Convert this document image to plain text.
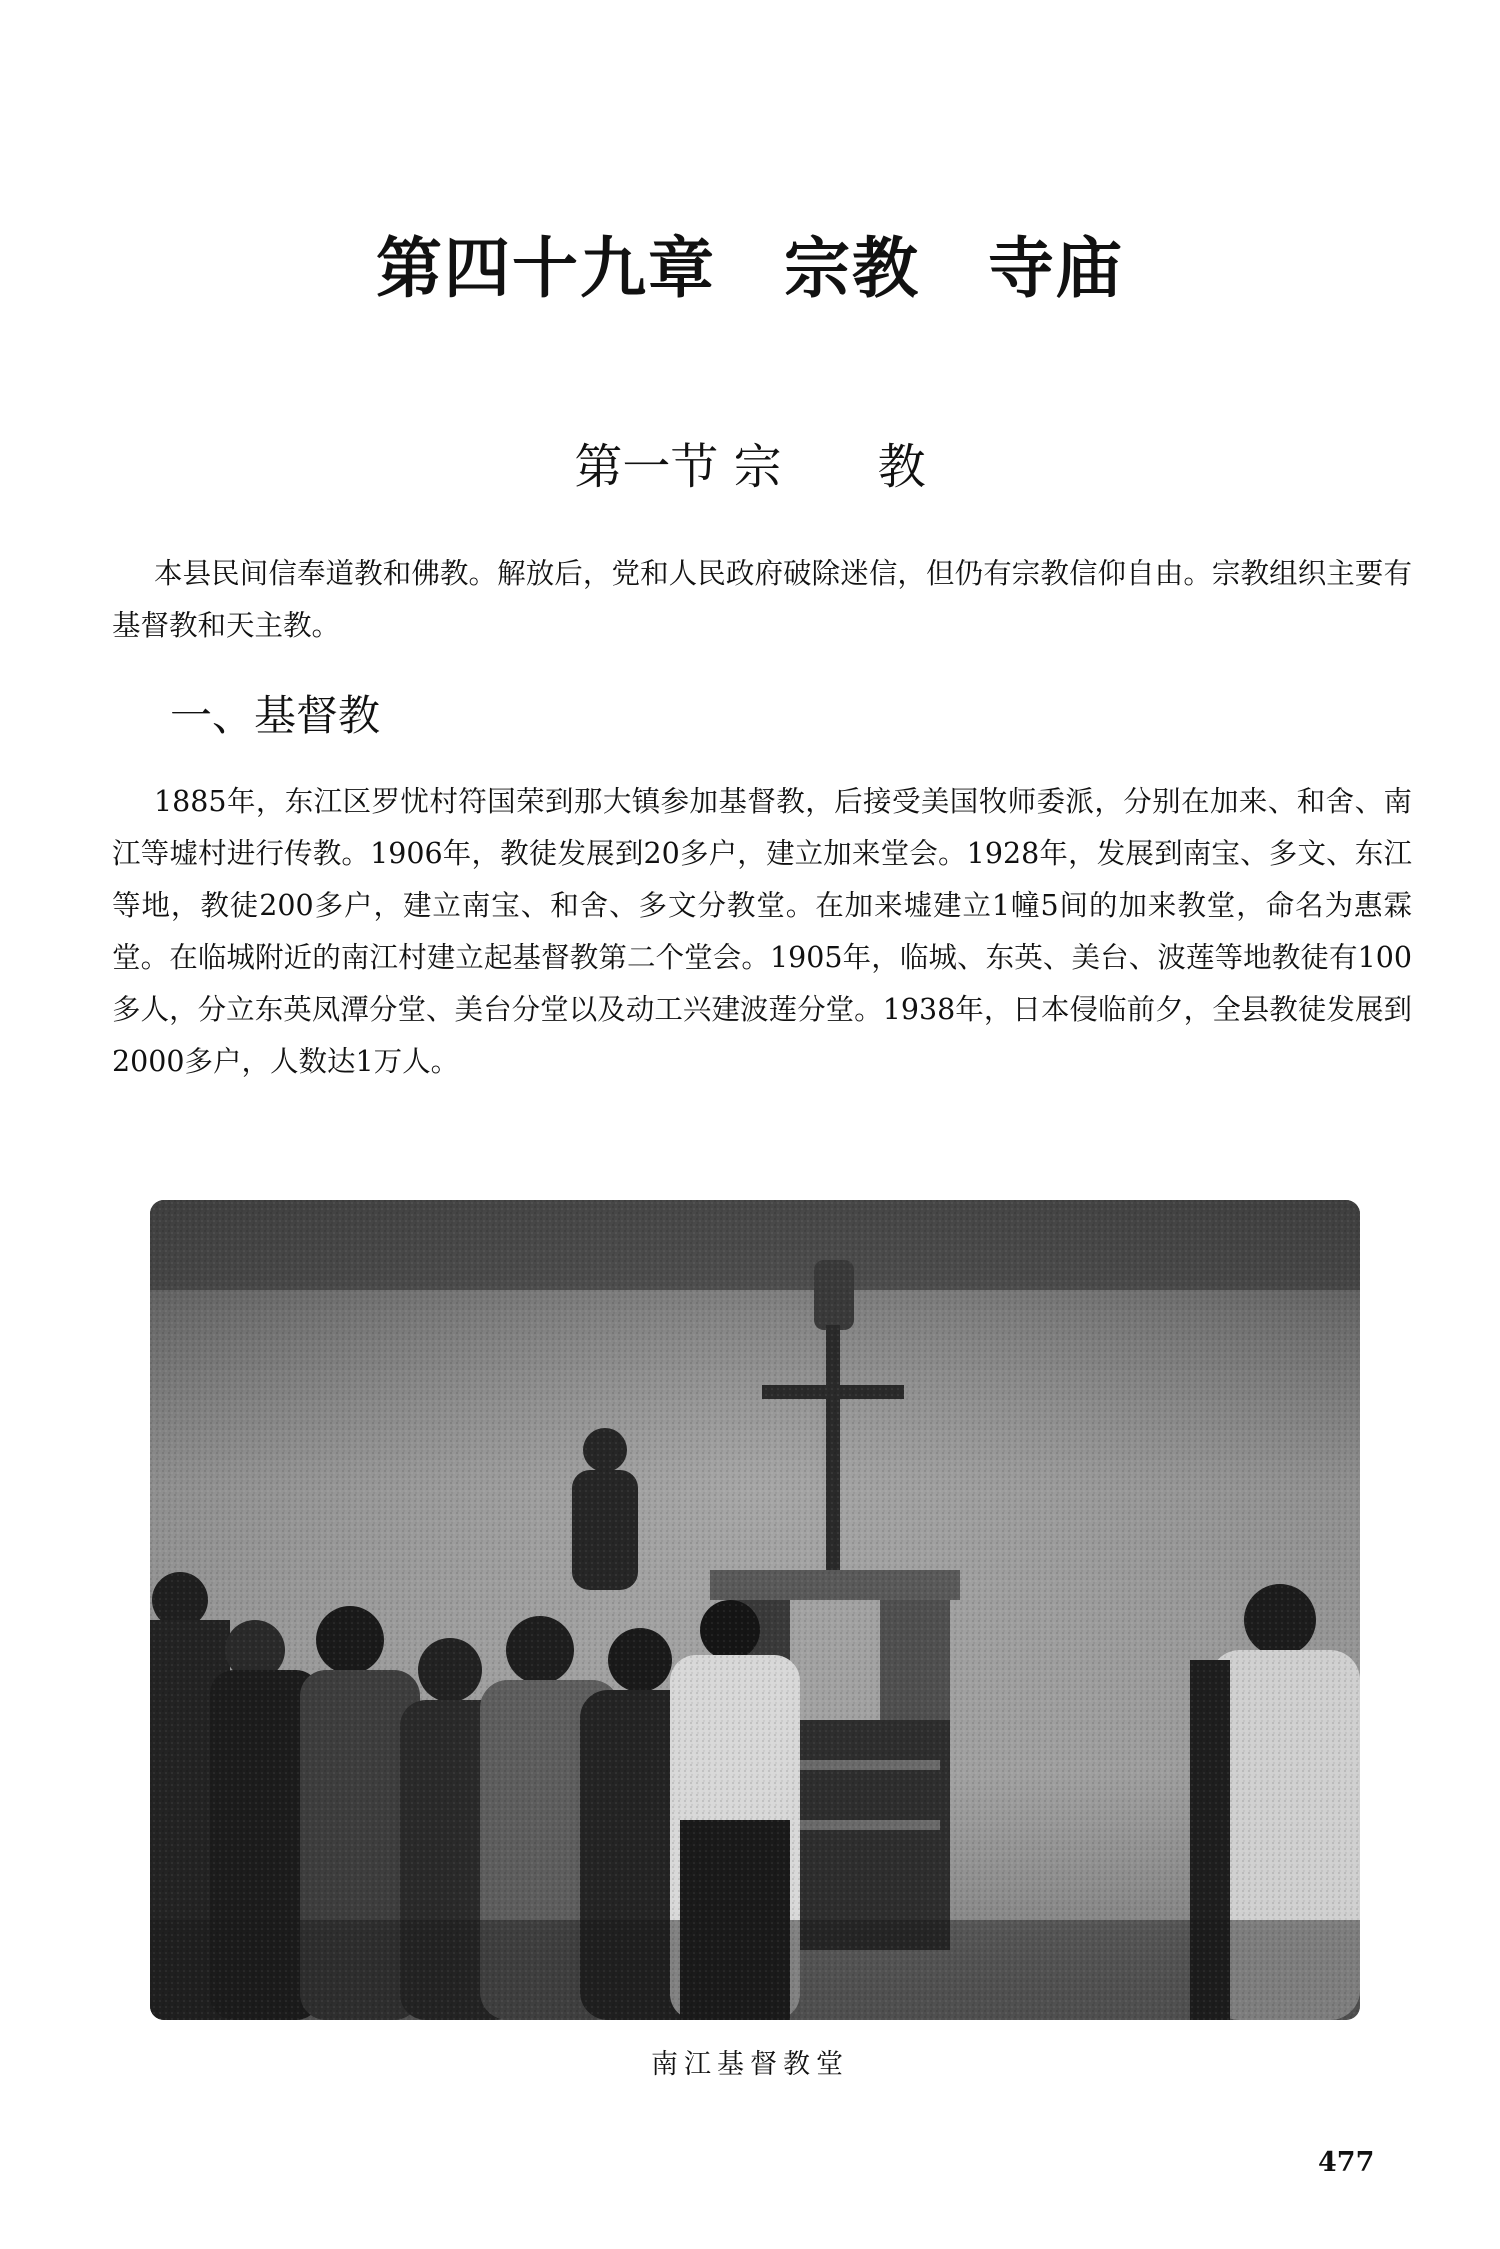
第四十九章　宗教　寺庙
第一节 宗　　教

本县民间信奉道教和佛教。解放后，党和人民政府破除迷信，但仍有宗教信仰自由。宗教组织主要有基督教和天主教。

一、基督教

1885年，东江区罗忧村符国荣到那大镇参加基督教，后接受美国牧师委派，分别在加来、和舍、南江等墟村进行传教。1906年，教徒发展到20多户，建立加来堂会。1928年，发展到南宝、多文、东江等地，教徒200多户，建立南宝、和舍、多文分教堂。在加来墟建立1幢5间的加来教堂，命名为惠霖堂。在临城附近的南江村建立起基督教第二个堂会。1905年，临城、东英、美台、波莲等地教徒有100多人，分立东英凤潭分堂、美台分堂以及动工兴建波莲分堂。1938年，日本侵临前夕，全县教徒发展到2000多户，人数达1万人。

南江基督教堂
477
